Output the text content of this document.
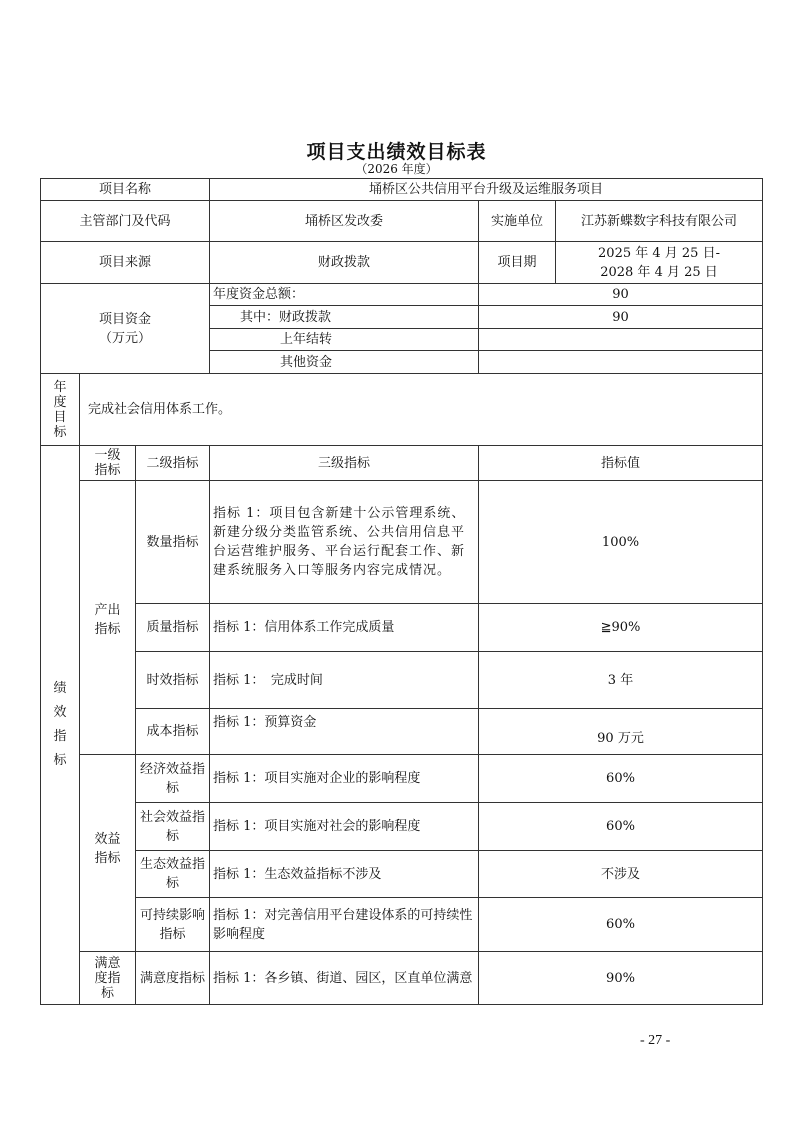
项目支出绩效目标表
（2026 年度）
项目名称			埇桥区公共信用平台升级及运维服务项目		
主管部门及代码			埇桥区发改委	实施单位	江苏新蝶数字科技有限公司
项目来源			财政拨款	项目期	2025 年 4 月 25 日-
2028 年 4 月 25 日

项目资金
（万元）			年度资金总额：	90	
			其中：财政拨款	90	
			上年结转		
			其他资金		

年度目标	完成社会信用体系工作。				

绩效指标	一级指标	二级指标	三级指标	指标值	

	产出指标	数量指标	指标 1：项目包含新建十公示管理系统、新建分级分类监管系统、公共信用信息平台运营维护服务、平台运行配套工作、新建系统服务入口等服务内容完成情况。	100%	
		质量指标	指标 1：信用体系工作完成质量	≧90%	
		时效指标	指标 1：　完成时间	3 年	
		成本指标	指标 1：预算资金	90 万元	

	效益指标	经济效益指标	指标 1：项目实施对企业的影响程度	60%	
		社会效益指标	指标 1：项目实施对社会的影响程度	60%	
		生态效益指标	指标 1：生态效益指标不涉及	不涉及	
		可持续影响指标	指标 1：对完善信用平台建设体系的可持续性影响程度	60%	

	满意度指标	满意度指标	指标 1：各乡镇、街道、园区，区直单位满意	90%	
- 27 -
